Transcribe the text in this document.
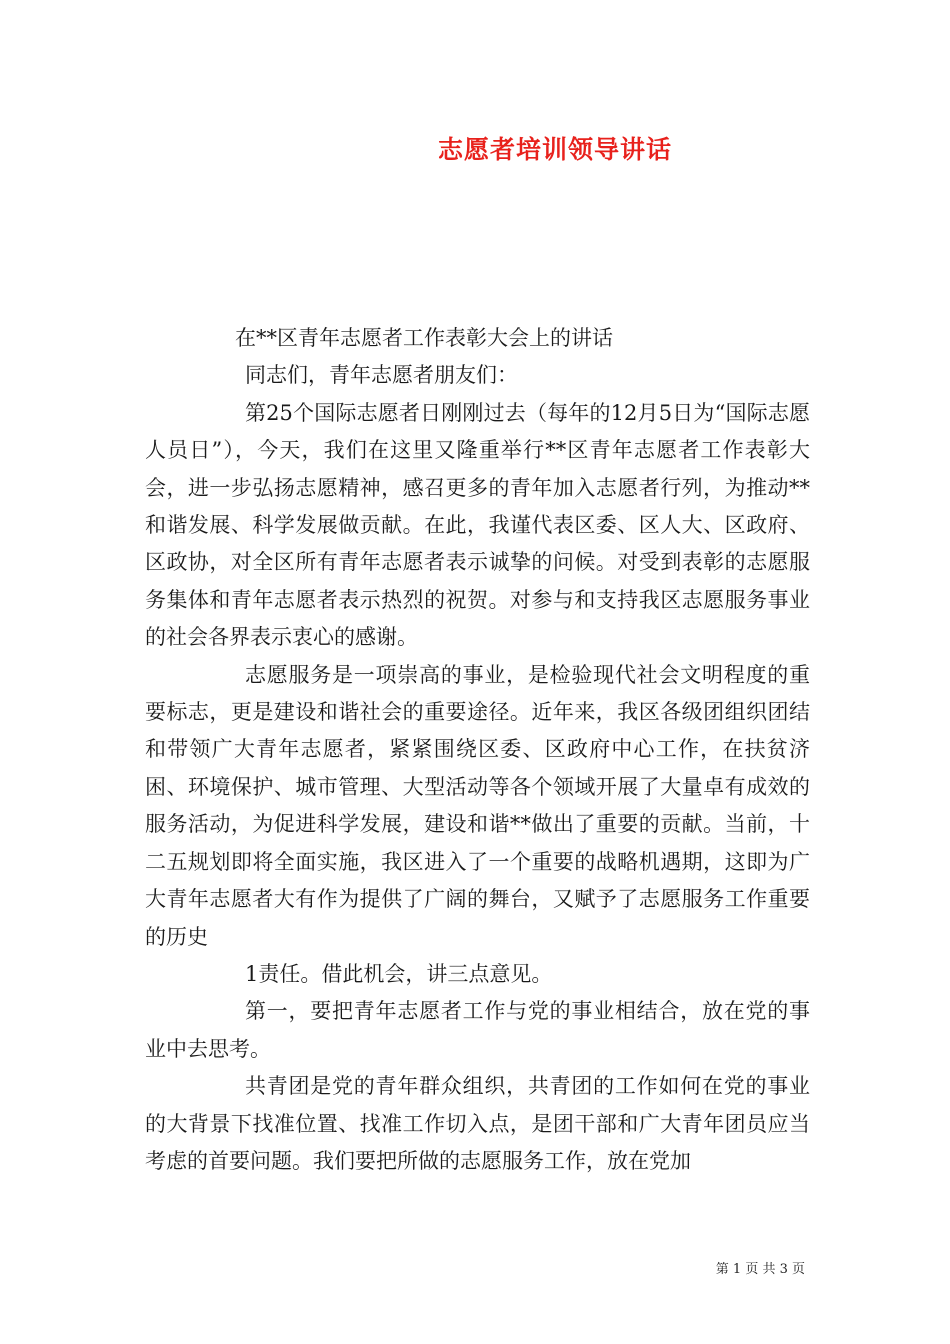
志愿者培训领导讲话

在**区青年志愿者工作表彰大会上的讲话

同志们，青年志愿者朋友们：

第25个国际志愿者日刚刚过去（每年的12月5日为“国际志愿人员日”），今天，我们在这里又隆重举行**区青年志愿者工作表彰大会，进一步弘扬志愿精神，感召更多的青年加入志愿者行列，为推动**和谐发展、科学发展做贡献。在此，我谨代表区委、区人大、区政府、区政协，对全区所有青年志愿者表示诚挚的问候。对受到表彰的志愿服务集体和青年志愿者表示热烈的祝贺。对参与和支持我区志愿服务事业的社会各界表示衷心的感谢。

志愿服务是一项崇高的事业，是检验现代社会文明程度的重要标志，更是建设和谐社会的重要途径。近年来，我区各级团组织团结和带领广大青年志愿者，紧紧围绕区委、区政府中心工作，在扶贫济困、环境保护、城市管理、大型活动等各个领域开展了大量卓有成效的服务活动，为促进科学发展，建设和谐**做出了重要的贡献。当前，十二五规划即将全面实施，我区进入了一个重要的战略机遇期，这即为广大青年志愿者大有作为提供了广阔的舞台，又赋予了志愿服务工作重要的历史

1责任。借此机会，讲三点意见。

第一，要把青年志愿者工作与党的事业相结合，放在党的事业中去思考。

共青团是党的青年群众组织，共青团的工作如何在党的事业的大背景下找准位置、找准工作切入点，是团干部和广大青年团员应当考虑的首要问题。我们要把所做的志愿服务工作，放在党加

第 1 页 共 3 页
